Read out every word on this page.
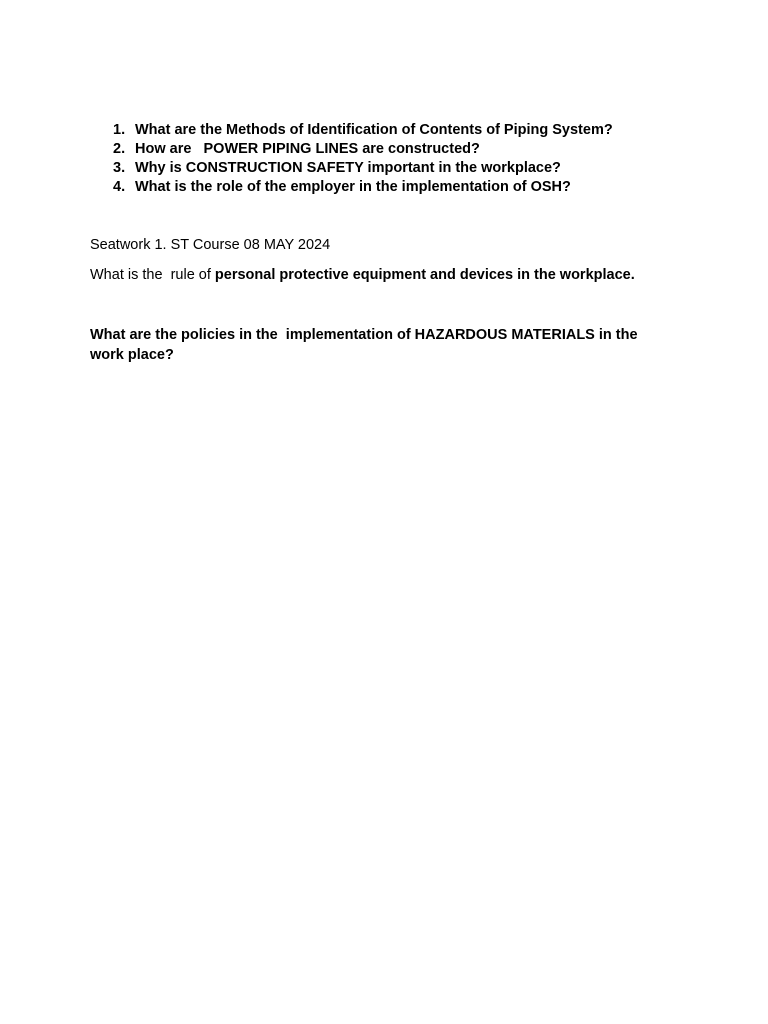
1. What are the Methods of Identification of Contents of Piping System?
2. How are   POWER PIPING LINES are constructed?
3. Why is CONSTRUCTION SAFETY important in the workplace?
4. What is the role of the employer in the implementation of OSH?
Seatwork 1. ST Course 08 MAY 2024
What is the  rule of personal protective equipment and devices in the workplace.
What are the policies in the  implementation of HAZARDOUS MATERIALS in the
work place?
